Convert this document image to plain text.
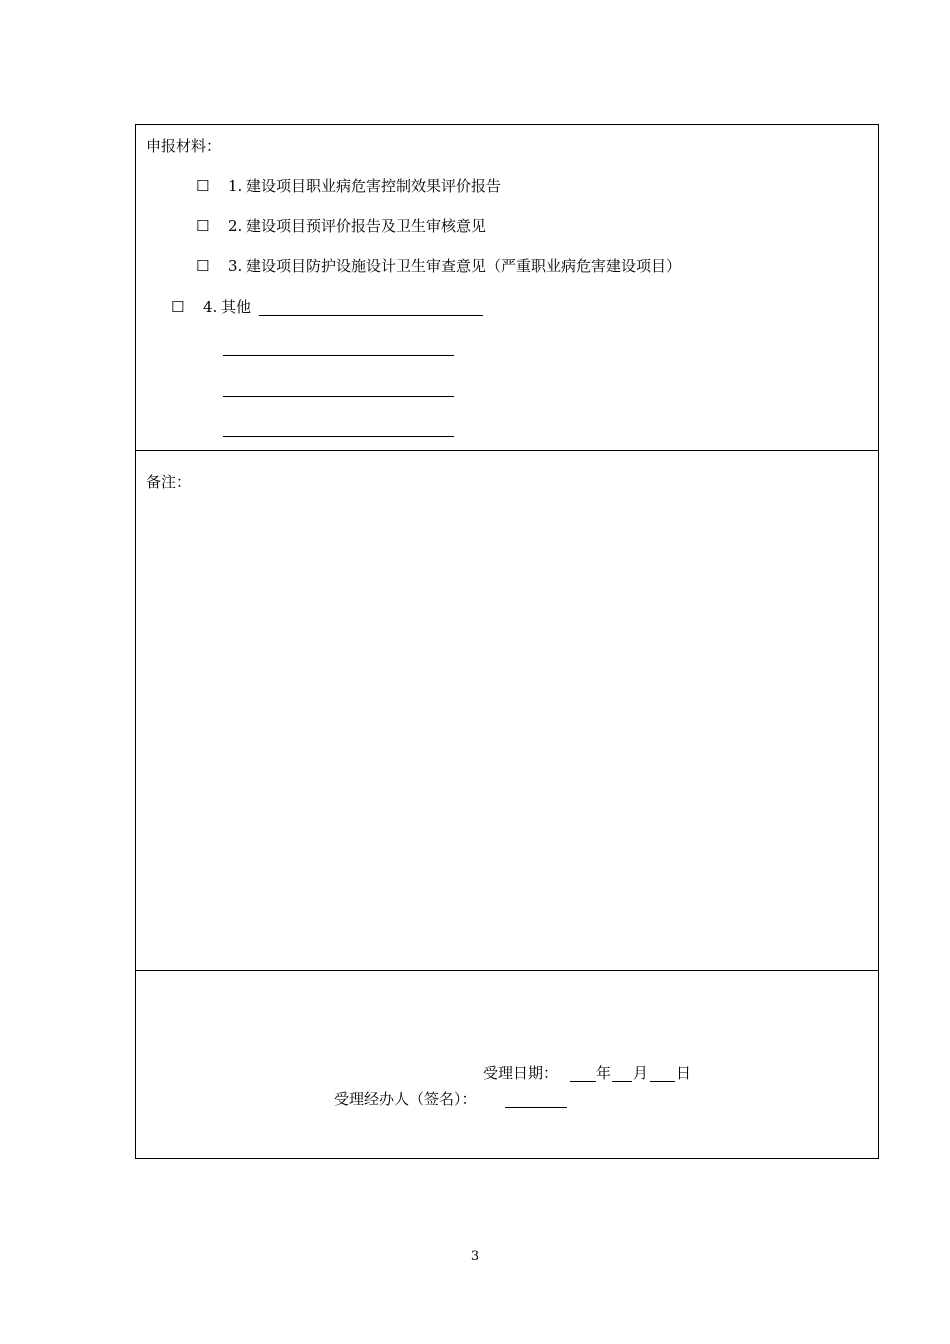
申报材料：
☐ 1. 建设项目职业病危害控制效果评价报告
☐ 2. 建设项目预评价报告及卫生审核意见
☐ 3. 建设项目防护设施设计卫生审查意见（严重职业病危害建设项目）
☐ 4. 其他
备注：
受理日期：	年 月 日
受理经办人（签名）：
3
